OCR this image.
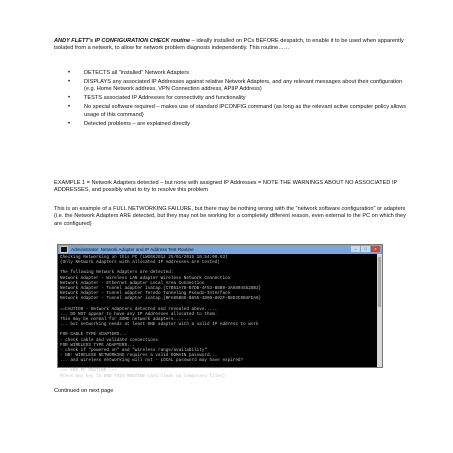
ANDY FLETT's IP CONFIGURATION CHECK routine – ideally installed on PCs BEFORE despatch, to enable it to be used when apparently isolated from a network, to allow for network problem diagnosis independently. This routine……
• DETECTS all "installed" Network Adapters
• DISPLAYS any associated IP Addresses against relative Network Adapters, and any relevant messages about their configuration (e.g. Home Network address, VPN Connection address, APIIP Address)
• TESTS associated IP Addresses for connectivity and functionality
• No special software required – makes use of standard IPCONFIG command (as long as the relevant active computer policy allows usage of this command)
• Detected problems – are explained directly
EXAMPLE 1 = Network Adapters detected – but none with assigned IP Addresses = NOTE THE WARNINGS ABOUT NO ASSOCIATED IP ADDRESSES, and possibly what to try to resolve this problem
This is an example of a FULL NETWORKING FAILURE, but there may be nothing wrong with the "network software configuration" or adapters (i.e. the Network Adapters ARE detected, but they may not be working for a completely different reason, even external to the PC on which they are configured)
Administrator: Network Adapter and IP Address Test Routine	–	□	x
Checking Networking on this PC (LWG662014 25/01/2015 10:54:00.63)
(Only Network Adapters with allocated IP Addresses are tested)

The following Network Adapters are detected:
Network Adapter - Wireless LAN adapter Wireless Network Connection
Network Adapter - Ethernet adapter Local Area Connection
Network Adapter - Tunnel adapter isatap.{C7B61A78-B7DB-4F53-B8B9-3A68045528B3}
Network Adapter - Tunnel adapter Teredo Tunneling Pseudo-Interface
Network Adapter - Tunnel adapter isatap.{BFA85B65-B655-4899-892F-B8D3C9B4FEA0}

==CAUTION - Network Adapters detected and revealed above.....
... DO NOT appear to have any IP Addresses allocated to them.
This may be normal for SOME network adapters.......
... but networking needs at least ONE adapter with a valid IP Address to work

FOR CABLE TYPE ADAPTERS...
- check cable and validate connections
FOR WIRELESS TYPE ADAPTERS...
- check if "powered on" and "wireless range/availability"
- NB: WIRELESS NETWORKING requires a valid DOMAIN password...
... and wireless networking will not - LOCAL password may have expired?

=== END OF ROUTINE ===
Press any key to END THIS ROUTINE (and clean up temporary files)
Continued on next page
